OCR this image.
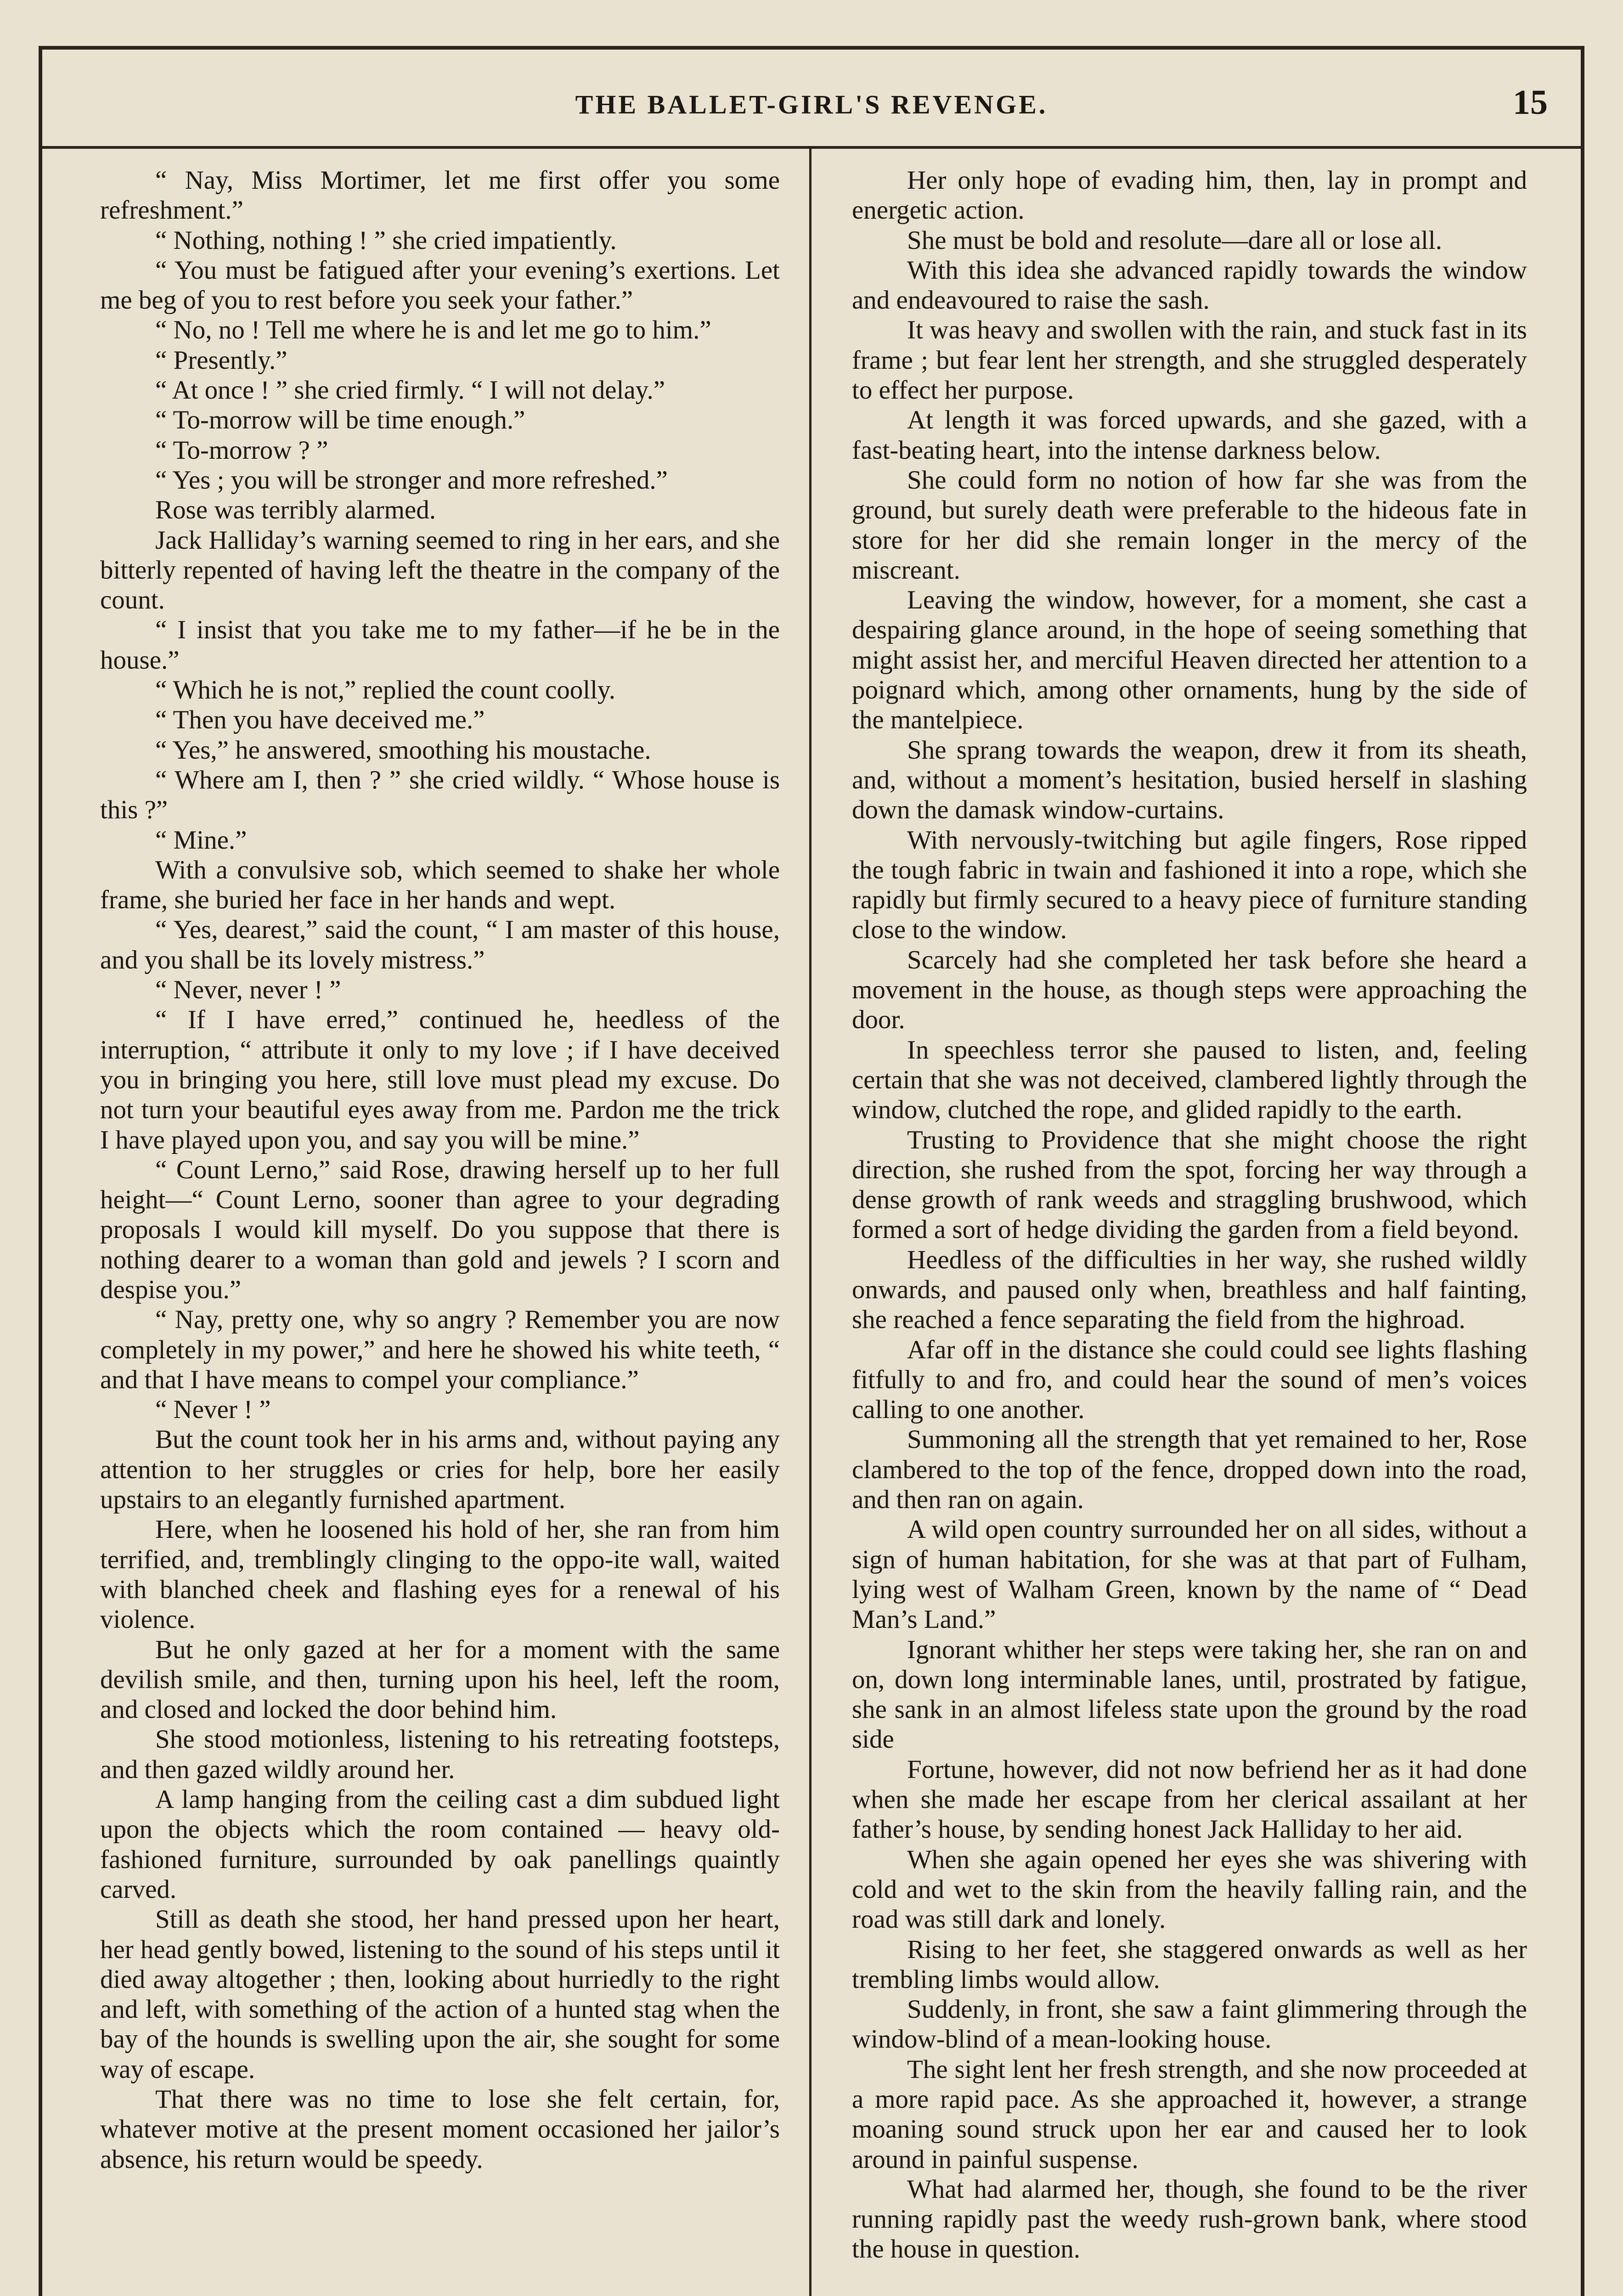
THE BALLET-GIRL'S REVENGE.	15

“ Nay, Miss Mortimer, let me first offer you some refreshment.”

“ Nothing, nothing ! ” she cried impatiently.

“ You must be fatigued after your evening’s exertions. Let me beg of you to rest before you seek your father.”

“ No, no ! Tell me where he is and let me go to him.”

“ Presently.”

“ At once ! ” she cried firmly. “ I will not delay.”

“ To-morrow will be time enough.”

“ To-morrow ? ”

“ Yes ; you will be stronger and more refreshed.”

Rose was terribly alarmed.

Jack Halliday’s warning seemed to ring in her ears, and she bitterly repented of having left the theatre in the company of the count.

“ I insist that you take me to my father—if he be in the house.”

“ Which he is not,” replied the count coolly.

“ Then you have deceived me.”

“ Yes,” he answered, smoothing his moustache.

“ Where am I, then ? ” she cried wildly. “ Whose house is this ?”

“ Mine.”

With a convulsive sob, which seemed to shake her whole frame, she buried her face in her hands and wept.

“ Yes, dearest,” said the count, “ I am master of this house, and you shall be its lovely mistress.”

“ Never, never ! ”

“ If I have erred,” continued he, heedless of the interruption, “ attribute it only to my love ; if I have deceived you in bringing you here, still love must plead my excuse. Do not turn your beautiful eyes away from me. Pardon me the trick I have played upon you, and say you will be mine.”

“ Count Lerno,” said Rose, drawing herself up to her full height—“ Count Lerno, sooner than agree to your degrading proposals I would kill myself. Do you suppose that there is nothing dearer to a woman than gold and jewels ? I scorn and despise you.”

“ Nay, pretty one, why so angry ? Remember you are now completely in my power,” and here he showed his white teeth, “ and that I have means to compel your compliance.”

“ Never ! ”

But the count took her in his arms and, without paying any attention to her struggles or cries for help, bore her easily upstairs to an elegantly furnished apartment.

Here, when he loosened his hold of her, she ran from him terrified, and, tremblingly clinging to the oppo-ite wall, waited with blanched cheek and flashing eyes for a renewal of his violence.

But he only gazed at her for a moment with the same devilish smile, and then, turning upon his heel, left the room, and closed and locked the door behind him.

She stood motionless, listening to his retreating footsteps, and then gazed wildly around her.

A lamp hanging from the ceiling cast a dim subdued light upon the objects which the room contained — heavy old-fashioned furniture, surrounded by oak panellings quaintly carved.

Still as death she stood, her hand pressed upon her heart, her head gently bowed, listening to the sound of his steps until it died away altogether ; then, looking about hurriedly to the right and left, with something of the action of a hunted stag when the bay of the hounds is swelling upon the air, she sought for some way of escape.

That there was no time to lose she felt certain, for, whatever motive at the present moment occasioned her jailor’s absence, his return would be speedy.

Her only hope of evading him, then, lay in prompt and energetic action.

She must be bold and resolute—dare all or lose all.

With this idea she advanced rapidly towards the window and endeavoured to raise the sash.

It was heavy and swollen with the rain, and stuck fast in its frame ; but fear lent her strength, and she struggled desperately to effect her purpose.

At length it was forced upwards, and she gazed, with a fast-beating heart, into the intense darkness below.

She could form no notion of how far she was from the ground, but surely death were preferable to the hideous fate in store for her did she remain longer in the mercy of the miscreant.

Leaving the window, however, for a moment, she cast a despairing glance around, in the hope of seeing something that might assist her, and merciful Heaven directed her attention to a poignard which, among other ornaments, hung by the side of the mantelpiece.

She sprang towards the weapon, drew it from its sheath, and, without a moment’s hesitation, busied herself in slashing down the damask window-curtains.

With nervously-twitching but agile fingers, Rose ripped the tough fabric in twain and fashioned it into a rope, which she rapidly but firmly secured to a heavy piece of furniture standing close to the window.

Scarcely had she completed her task before she heard a movement in the house, as though steps were approaching the door.

In speechless terror she paused to listen, and, feeling certain that she was not deceived, clambered lightly through the window, clutched the rope, and glided rapidly to the earth.

Trusting to Providence that she might choose the right direction, she rushed from the spot, forcing her way through a dense growth of rank weeds and straggling brushwood, which formed a sort of hedge dividing the garden from a field beyond.

Heedless of the difficulties in her way, she rushed wildly onwards, and paused only when, breathless and half fainting, she reached a fence separating the field from the highroad.

Afar off in the distance she could could see lights flashing fitfully to and fro, and could hear the sound of men’s voices calling to one another.

Summoning all the strength that yet remained to her, Rose clambered to the top of the fence, dropped down into the road, and then ran on again.

A wild open country surrounded her on all sides, without a sign of human habitation, for she was at that part of Fulham, lying west of Walham Green, known by the name of “ Dead Man’s Land.”

Ignorant whither her steps were taking her, she ran on and on, down long interminable lanes, until, prostrated by fatigue, she sank in an almost lifeless state upon the ground by the road side

Fortune, however, did not now befriend her as it had done when she made her escape from her clerical assailant at her father’s house, by sending honest Jack Halliday to her aid.

When she again opened her eyes she was shivering with cold and wet to the skin from the heavily falling rain, and the road was still dark and lonely.

Rising to her feet, she staggered onwards as well as her trembling limbs would allow.

Suddenly, in front, she saw a faint glimmering through the window-blind of a mean-looking house.

The sight lent her fresh strength, and she now proceeded at a more rapid pace. As she approached it, however, a strange moaning sound struck upon her ear and caused her to look around in painful suspense.

What had alarmed her, though, she found to be the river running rapidly past the weedy rush-grown bank, where stood the house in question.
